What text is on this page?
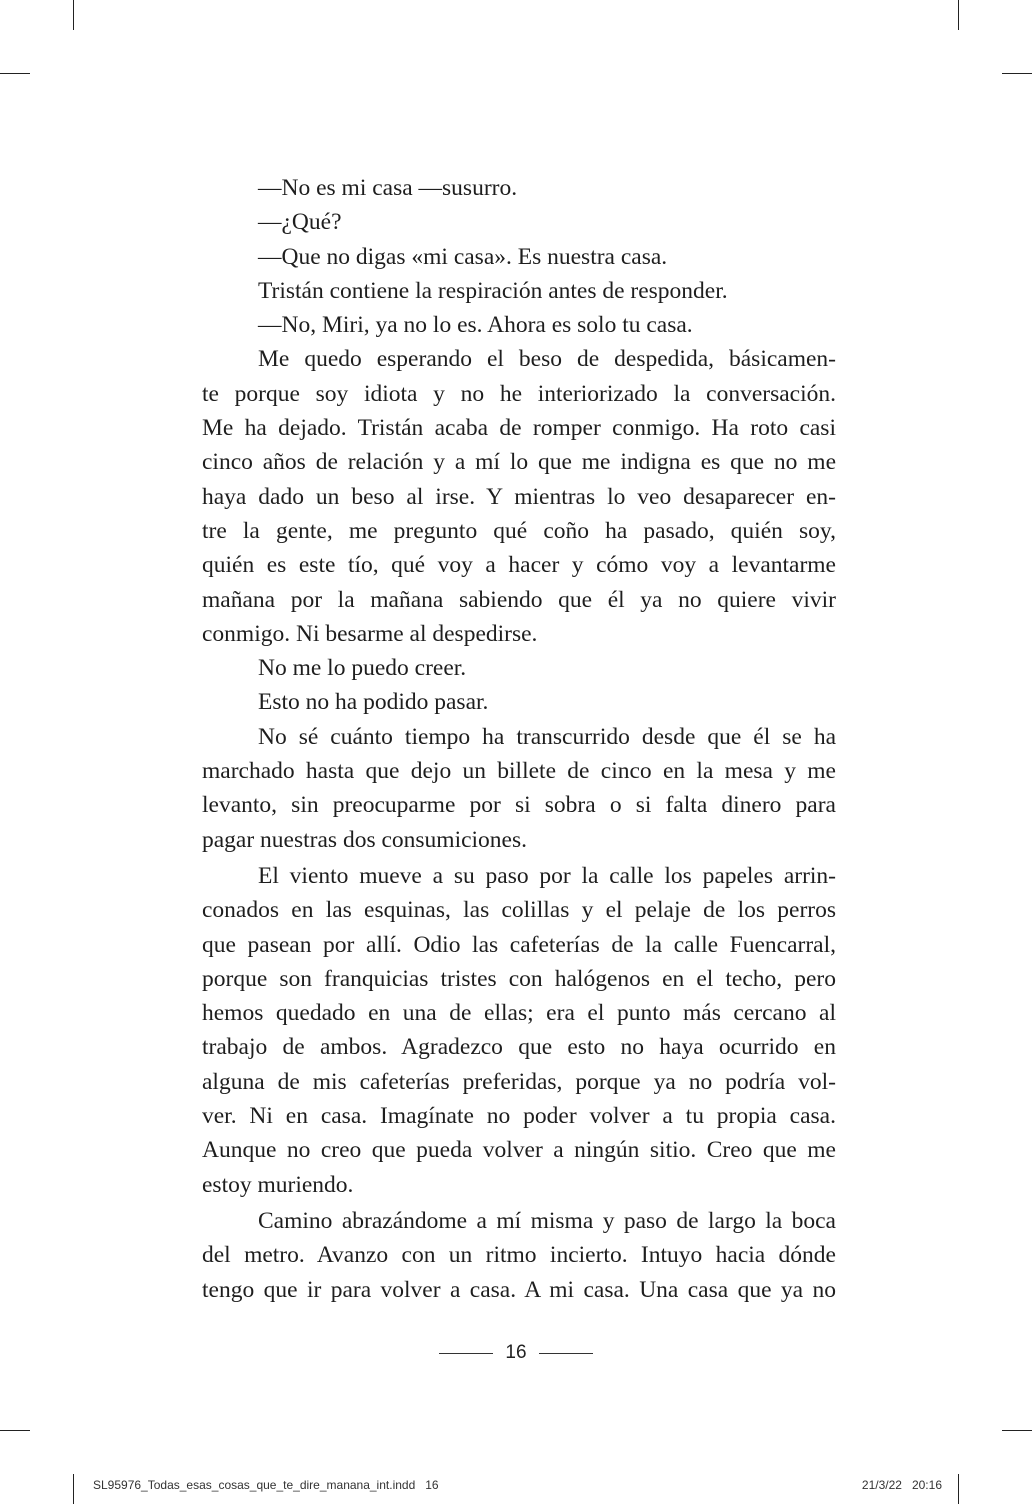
—No es mi casa —susurro.
—¿Qué?
—Que no digas «mi casa». Es nuestra casa.
Tristán contiene la respiración antes de responder.
—No, Miri, ya no lo es. Ahora es solo tu casa.
Me quedo esperando el beso de despedida, básicamen-
te porque soy idiota y no he interiorizado la conversación.
Me ha dejado. Tristán acaba de romper conmigo. Ha roto casi
cinco años de relación y a mí lo que me indigna es que no me
haya dado un beso al irse. Y mientras lo veo desaparecer en-
tre la gente, me pregunto qué coño ha pasado, quién soy,
quién es este tío, qué voy a hacer y cómo voy a levantarme
mañana por la mañana sabiendo que él ya no quiere vivir
conmigo. Ni besarme al despedirse.
No me lo puedo creer.
Esto no ha podido pasar.
No sé cuánto tiempo ha transcurrido desde que él se ha
marchado hasta que dejo un billete de cinco en la mesa y me
levanto, sin preocuparme por si sobra o si falta dinero para
pagar nuestras dos consumiciones.
El viento mueve a su paso por la calle los papeles arrin-
conados en las esquinas, las colillas y el pelaje de los perros
que pasean por allí. Odio las cafeterías de la calle Fuencarral,
porque son franquicias tristes con halógenos en el techo, pero
hemos quedado en una de ellas; era el punto más cercano al
trabajo de ambos. Agradezco que esto no haya ocurrido en
alguna de mis cafeterías preferidas, porque ya no podría vol-
ver. Ni en casa. Imagínate no poder volver a tu propia casa.
Aunque no creo que pueda volver a ningún sitio. Creo que me
estoy muriendo.
Camino abrazándome a mí misma y paso de largo la boca
del metro. Avanzo con un ritmo incierto. Intuyo hacia dónde
tengo que ir para volver a casa. A mi casa. Una casa que ya no
16
SL95976_Todas_esas_cosas_que_te_dire_manana_int.indd   16	21/3/22   20:16
